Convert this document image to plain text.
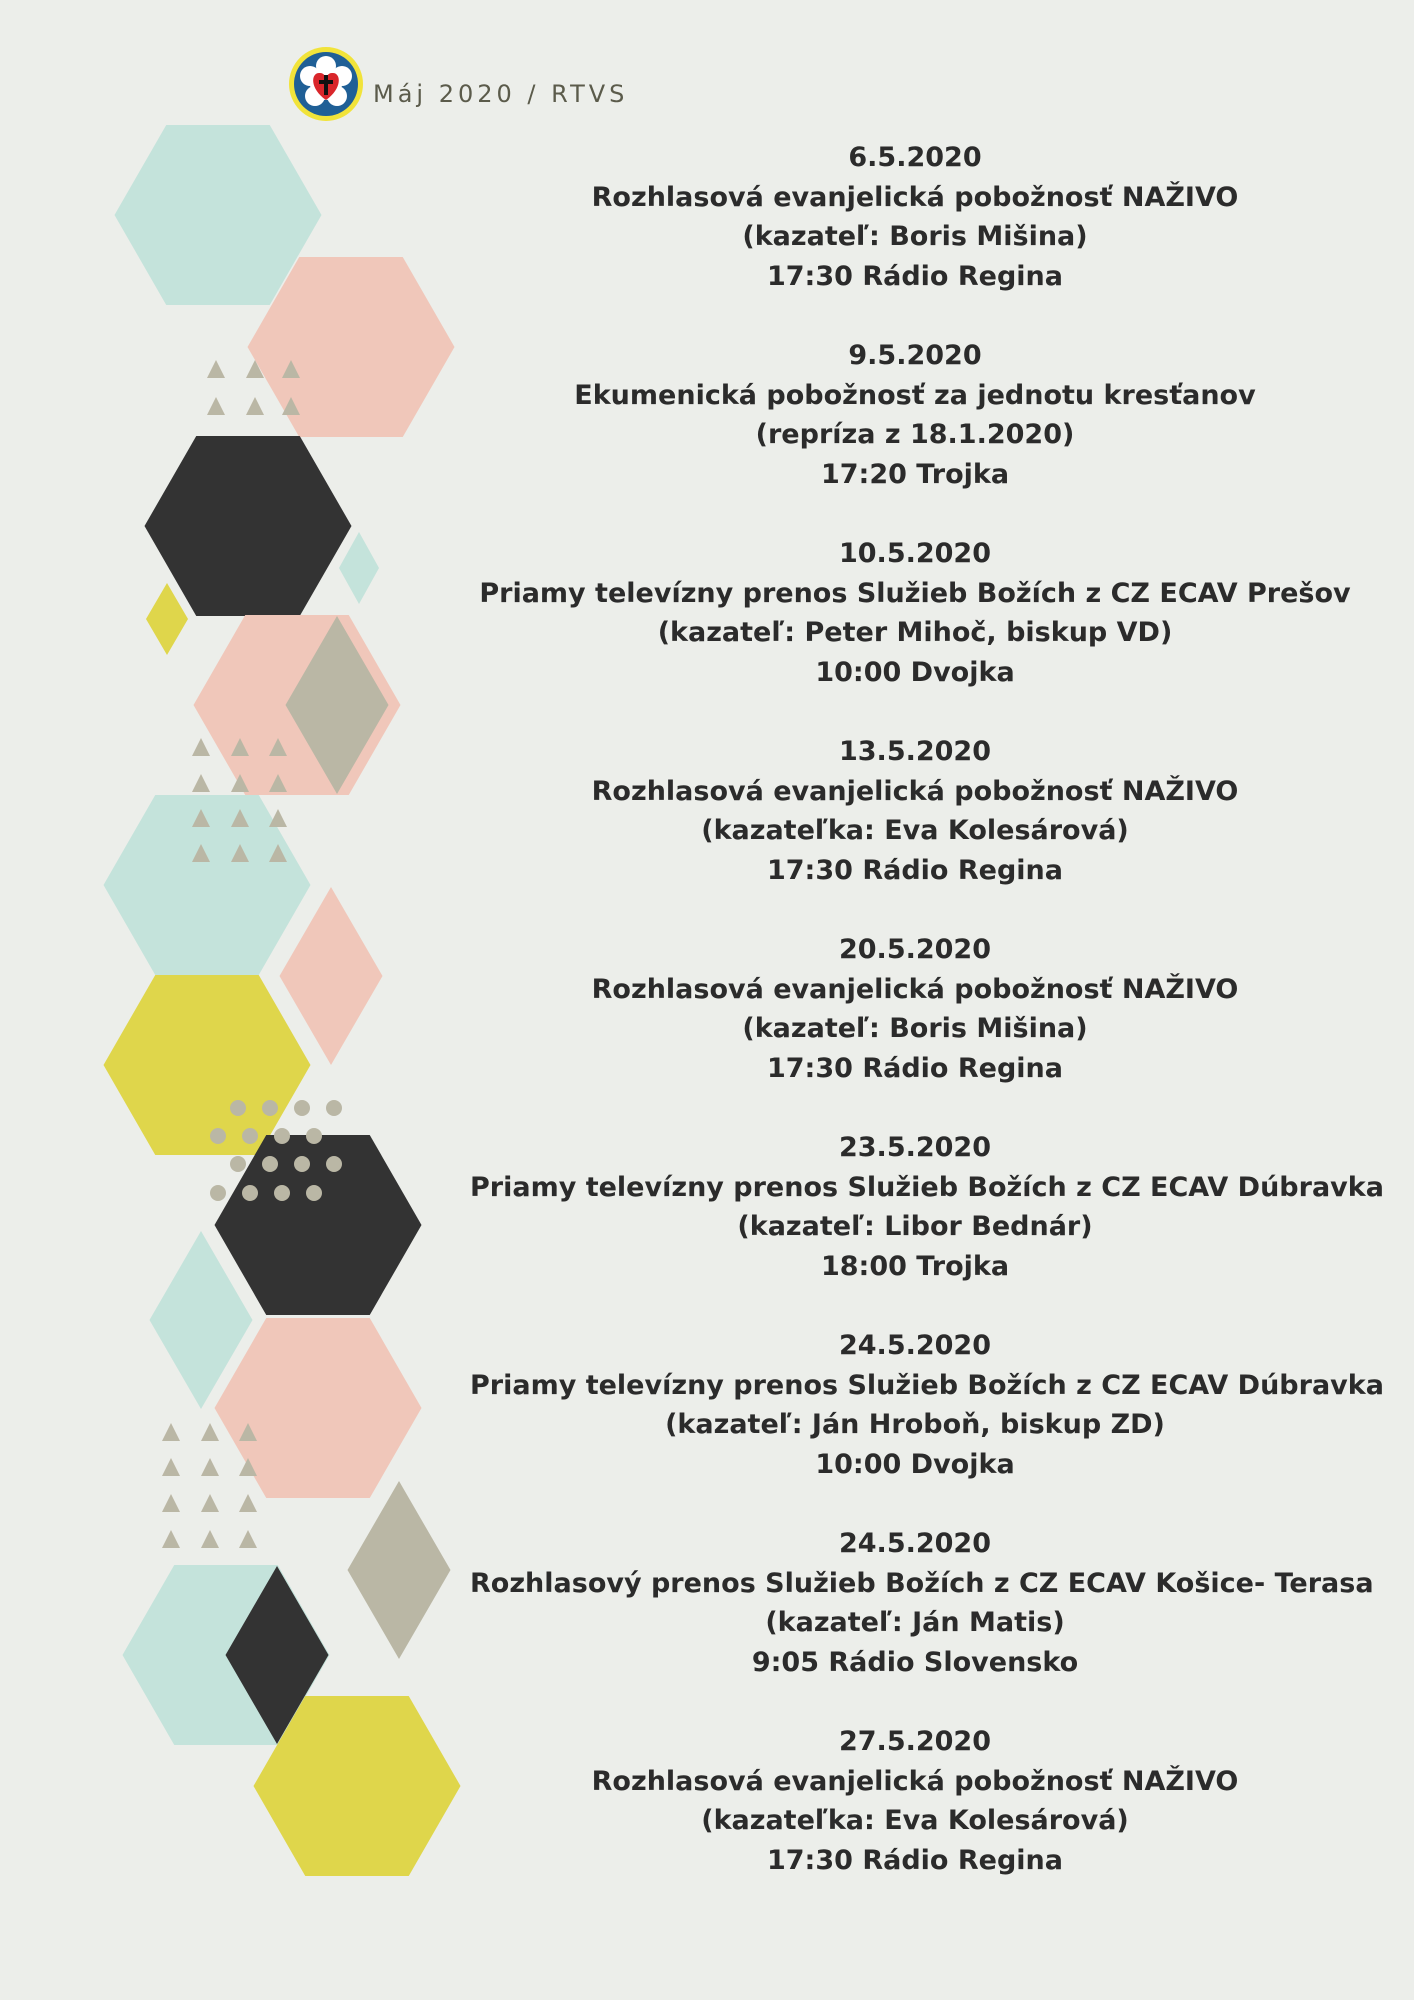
Máj 2020 / RTVS
6.5.2020
Rozhlasová evanjelická pobožnosť NAŽIVO
(kazateľ: Boris Mišina)
17:30 Rádio Regina
9.5.2020
Ekumenická pobožnosť za jednotu kresťanov
(repríza z 18.1.2020)
17:20 Trojka
10.5.2020
Priamy televízny prenos Služieb Božích z CZ ECAV Prešov
(kazateľ: Peter Mihoč, biskup VD)
10:00 Dvojka
13.5.2020
Rozhlasová evanjelická pobožnosť NAŽIVO
(kazateľka: Eva Kolesárová)
17:30 Rádio Regina
20.5.2020
Rozhlasová evanjelická pobožnosť NAŽIVO
(kazateľ: Boris Mišina)
17:30 Rádio Regina
23.5.2020
Priamy televízny prenos Služieb Božích z CZ ECAV Dúbravka
(kazateľ: Libor Bednár)
18:00 Trojka
24.5.2020
Priamy televízny prenos Služieb Božích z CZ ECAV Dúbravka
(kazateľ: Ján Hroboň, biskup ZD)
10:00 Dvojka
24.5.2020
Rozhlasový prenos Služieb Božích z CZ ECAV Košice- Terasa
(kazateľ: Ján Matis)
9:05 Rádio Slovensko
27.5.2020
Rozhlasová evanjelická pobožnosť NAŽIVO
(kazateľka: Eva Kolesárová)
17:30 Rádio Regina
